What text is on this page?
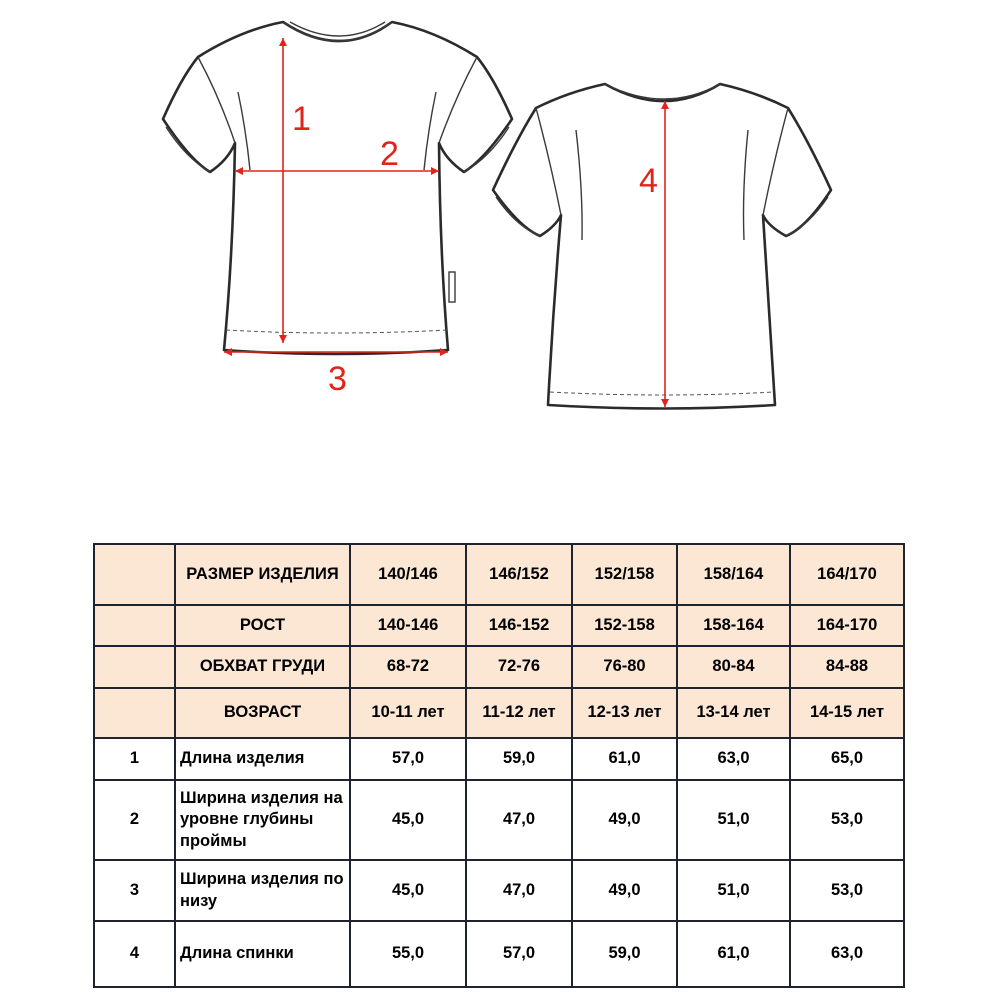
1
2
3
4
	РАЗМЕР ИЗДЕЛИЯ	140/146	146/152	152/158	158/164	164/170
	РОСТ	140-146	146-152	152-158	158-164	164-170
	ОБХВАТ ГРУДИ	68-72	72-76	76-80	80-84	84-88
	ВОЗРАСТ	10-11 лет	11-12 лет	12-13 лет	13-14 лет	14-15 лет
1	Длина изделия	57,0	59,0	61,0	63,0	65,0
2	Ширина изделия на уровне глубины проймы	45,0	47,0	49,0	51,0	53,0
3	Ширина изделия по низу	45,0	47,0	49,0	51,0	53,0
4	Длина спинки	55,0	57,0	59,0	61,0	63,0
